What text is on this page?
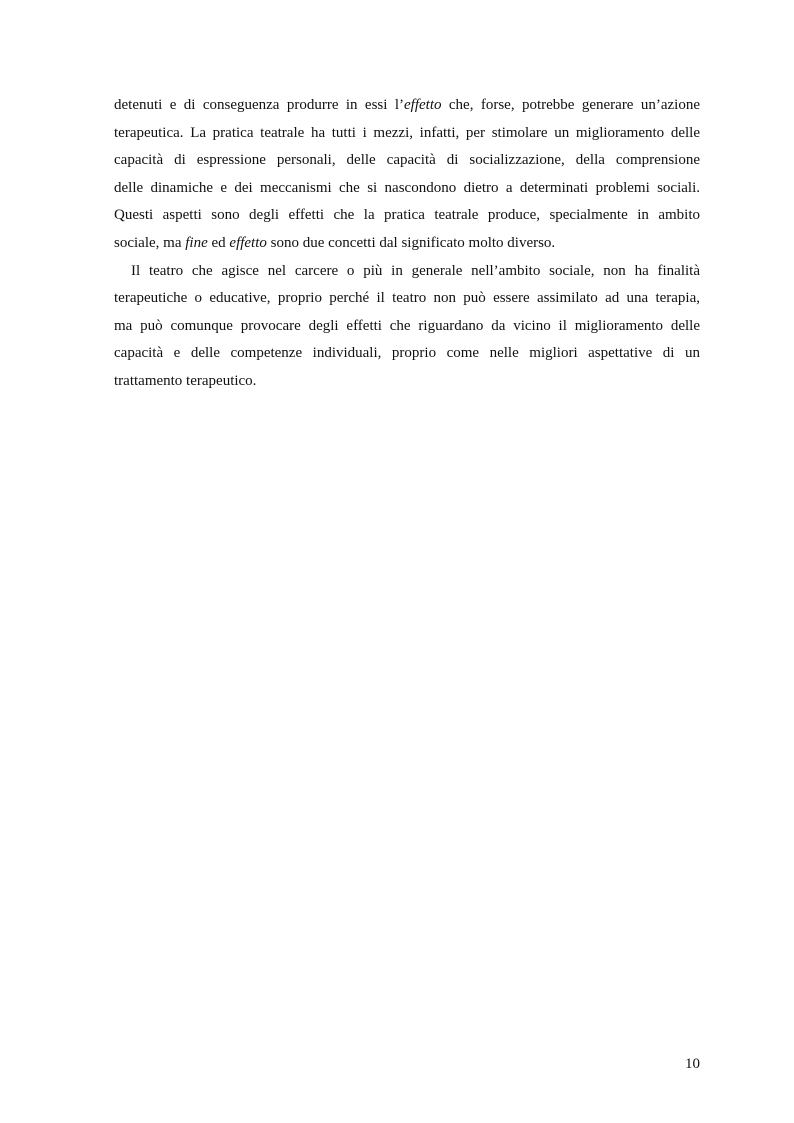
detenuti e di conseguenza produrre in essi l’effetto che, forse, potrebbe generare un’azione
terapeutica. La pratica teatrale ha tutti i mezzi, infatti, per stimolare un miglioramento delle
capacità di espressione personali, delle capacità di socializzazione, della comprensione
delle dinamiche e dei meccanismi che si nascondono dietro a determinati problemi sociali.
Questi aspetti sono degli effetti che la pratica teatrale produce, specialmente in ambito
sociale, ma fine ed effetto sono due concetti dal significato molto diverso.
Il teatro che agisce nel carcere o più in generale nell’ambito sociale, non ha finalità
terapeutiche o educative, proprio perché il teatro non può essere assimilato ad una terapia,
ma può comunque provocare degli effetti che riguardano da vicino il miglioramento delle
capacità e delle competenze individuali, proprio come nelle migliori aspettative di un
trattamento terapeutico.
10
